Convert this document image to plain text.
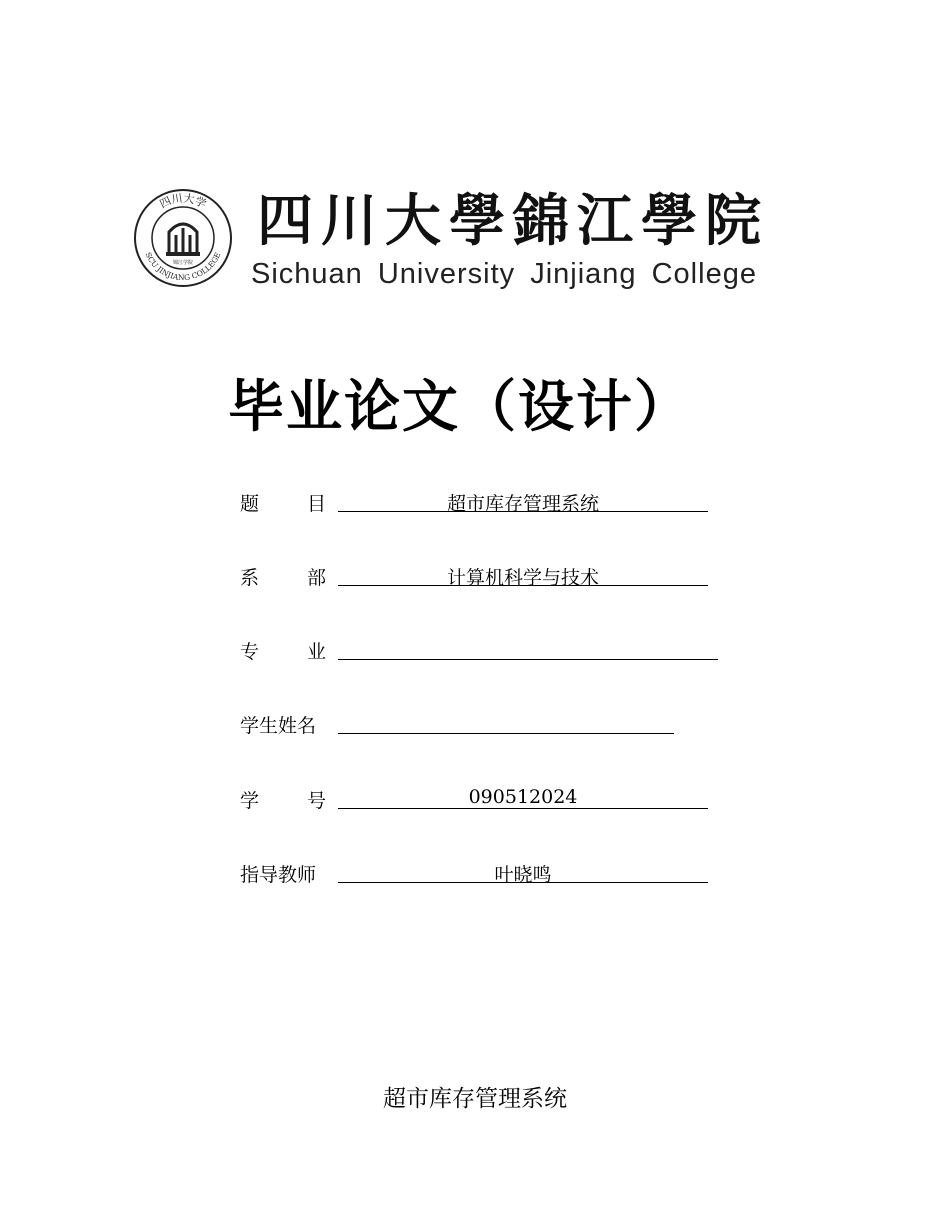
四川大学
SCU JINJIANG COLLEGE
锦江学院
四川大學錦江學院
Sichuan University Jinjiang College
毕业论文（设计）
题	目	超市库存管理系统
系	部	计算机科学与技术
专	业
学生姓名
学	号	090512024
指导教师	叶晓鸣
超市库存管理系统
